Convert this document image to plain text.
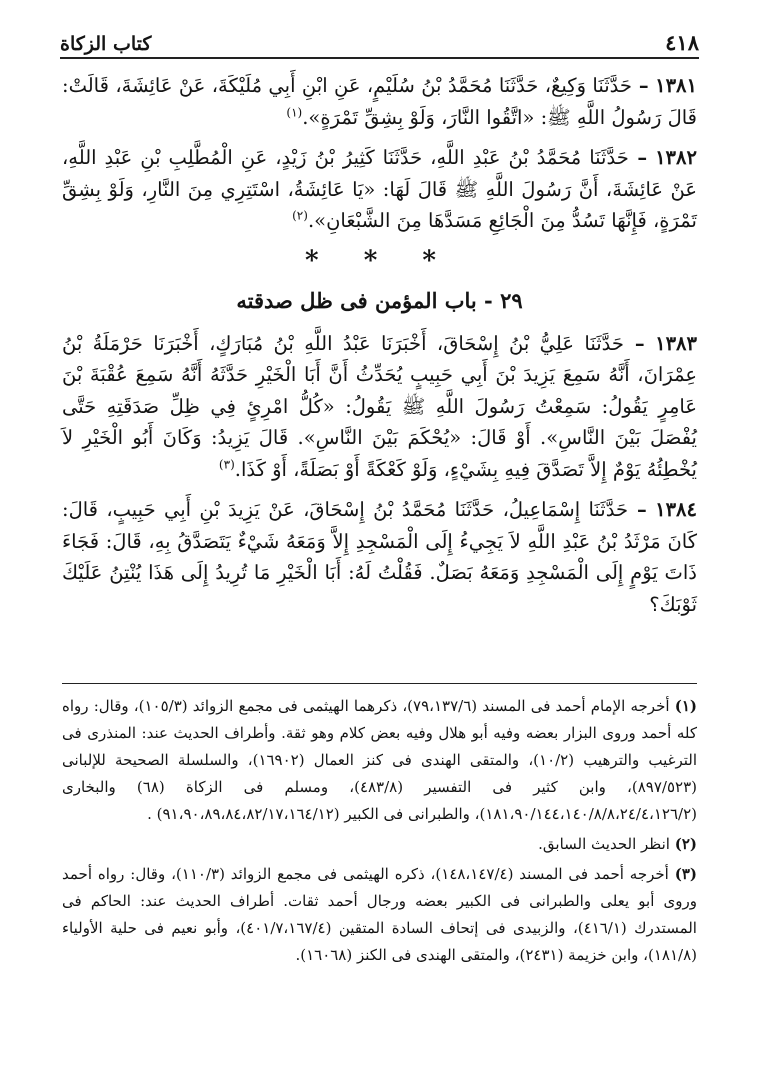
٤١٨
كتاب الزكاة

١٣٨١ – حَدَّثَنَا وَكِيعٌ، حَدَّثَنَا مُحَمَّدُ بْنُ سُلَيْمٍ، عَنِ ابْنِ أَبِي مُلَيْكَةَ، عَنْ عَائِشَةَ، قَالَتْ: قَالَ رَسُولُ اللَّهِ ﷺ: «اتَّقُوا النَّارَ، وَلَوْ بِشِقِّ تَمْرَةٍ».$^{(١)}$

١٣٨٢ – حَدَّثَنَا مُحَمَّدُ بْنُ عَبْدِ اللَّهِ، حَدَّثَنَا كَثِيرُ بْنُ زَيْدٍ، عَنِ الْمُطَّلِبِ بْنِ عَبْدِ اللَّهِ، عَنْ عَائِشَةَ، أَنَّ رَسُولَ اللَّهِ ﷺ قَالَ لَهَا: «يَا عَائِشَةُ، اسْتَتِرِي مِنَ النَّارِ، وَلَوْ بِشِقِّ تَمْرَةٍ، فَإِنَّهَا تَسُدُّ مِنَ الْجَائِعِ مَسَدَّهَا مِنَ الشَّبْعَانِ».$^{(٢)}$

* * *
٢٩ - باب المؤمن فى ظل صدقته

١٣٨٣ – حَدَّثَنَا عَلِيُّ بْنُ إِسْحَاقَ، أَخْبَرَنَا عَبْدُ اللَّهِ بْنُ مُبَارَكٍ، أَخْبَرَنَا حَرْمَلَةُ بْنُ عِمْرَانَ، أَنَّهُ سَمِعَ يَزِيدَ بْنَ أَبِي حَبِيبٍ يُحَدِّثُ أَنَّ أَبَا الْخَيْرِ حَدَّثَهُ أَنَّهُ سَمِعَ عُقْبَةَ بْنَ عَامِرٍ يَقُولُ: سَمِعْتُ رَسُولَ اللَّهِ ﷺ يَقُولُ: «كُلُّ امْرِئٍ فِي ظِلِّ صَدَقَتِهِ حَتَّى يُفْصَلَ بَيْنَ النَّاسِ». أَوْ قَالَ: «يُحْكَمَ بَيْنَ النَّاسِ». قَالَ يَزِيدُ: وَكَانَ أَبُو الْخَيْرِ لاَ يُخْطِئُهُ يَوْمٌ إِلاَّ تَصَدَّقَ فِيهِ بِشَيْءٍ، وَلَوْ كَعْكَةً أَوْ بَصَلَةً، أَوْ كَذَا.$^{(٣)}$

١٣٨٤ – حَدَّثَنَا إِسْمَاعِيلُ، حَدَّثَنَا مُحَمَّدُ بْنُ إِسْحَاقَ، عَنْ يَزِيدَ بْنِ أَبِي حَبِيبٍ، قَالَ: كَانَ مَرْثَدُ بْنُ عَبْدِ اللَّهِ لاَ يَجِيءُ إِلَى الْمَسْجِدِ إِلاَّ وَمَعَهُ شَيْءٌ يَتَصَدَّقُ بِهِ، قَالَ: فَجَاءَ ذَاتَ يَوْمٍ إِلَى الْمَسْجِدِ وَمَعَهُ بَصَلٌ. فَقُلْتُ لَهُ: أَبَا الْخَيْرِ مَا تُرِيدُ إِلَى هَذَا يُنْتِنُ عَلَيْكَ ثَوْبَكَ؟

(١) أخرجه الإمام أحمد فى المسند (٧٩،١٣٧/٦)، ذكرهما الهيثمى فى مجمع الزوائد (١٠٥/٣)، وقال: رواه كله أحمد وروى البزار بعضه وفيه أبو هلال وفيه بعض كلام وهو ثقة. وأطراف الحديث عند: المنذرى فى الترغيب والترهيب (١٠/٢)، والمتقى الهندى فى كنز العمال (١٦٩٠٢)، والسلسلة الصحيحة للإلبانى (٨٩٧/٥٢٣)، وابن كثير فى التفسير (٤٨٣/٨)، ومسلم فى الزكاة (٦٨) والبخارى (١٨١،٩٠/١٤٤،١٤٠/٨/٨،٢٤/٤،١٢٦/٢)، والطبرانى فى الكبير (٩١،٩٠،٨٩،٨٤،٨٢/١٧،١٦٤/١٢) .

(٢) انظر الحديث السابق.

(٣) أخرجه أحمد فى المسند (١٤٨،١٤٧/٤)، ذكره الهيثمى فى مجمع الزوائد (١١٠/٣)، وقال: رواه أحمد وروى أبو يعلى والطبرانى فى الكبير بعضه ورجال أحمد ثقات. أطراف الحديث عند: الحاكم فى المستدرك (٤١٦/١)، والزبيدى فى إتحاف السادة المتقين (٤٠١/٧،١٦٧/٤)، وأبو نعيم فى حلية الأولياء (١٨١/٨)، وابن خزيمة (٢٤٣١)، والمتقى الهندى فى الكنز (١٦٠٦٨).
